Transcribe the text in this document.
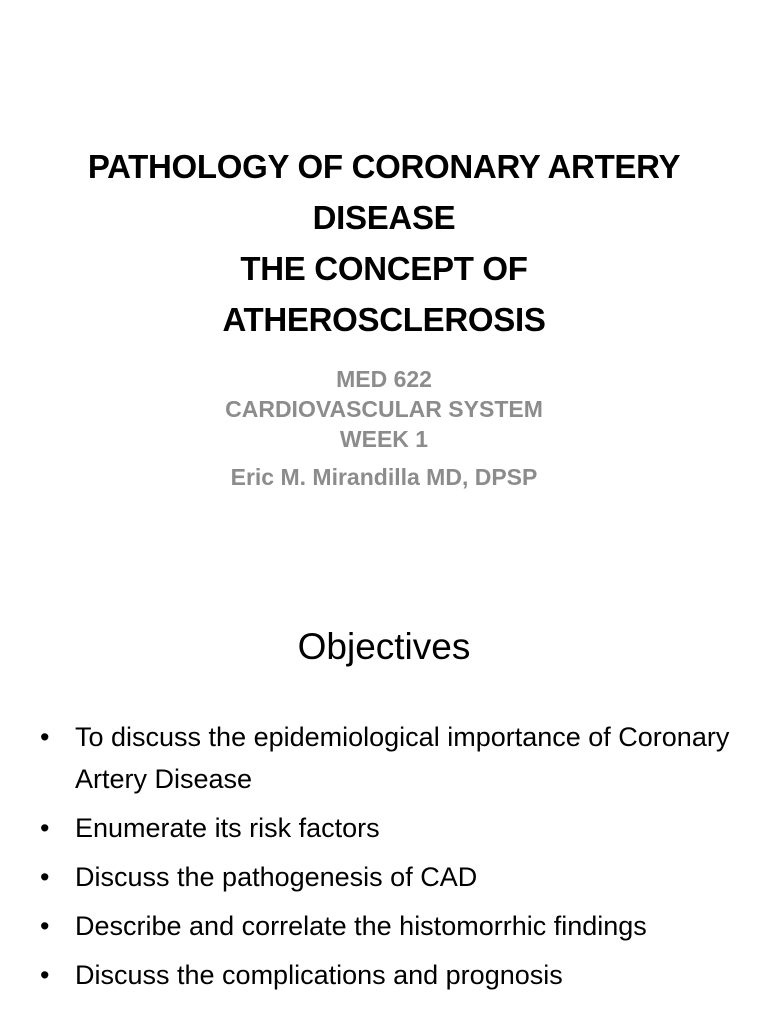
PATHOLOGY OF CORONARY ARTERY
DISEASE
THE CONCEPT OF
ATHEROSCLEROSIS
MED 622
CARDIOVASCULAR SYSTEM
WEEK 1
Eric M. Mirandilla MD, DPSP
Objectives
• To discuss the epidemiological importance of Coronary Artery Disease
• Enumerate its risk factors
• Discuss the pathogenesis of CAD
• Describe and correlate the histomorrhic findings
• Discuss the complications and prognosis
